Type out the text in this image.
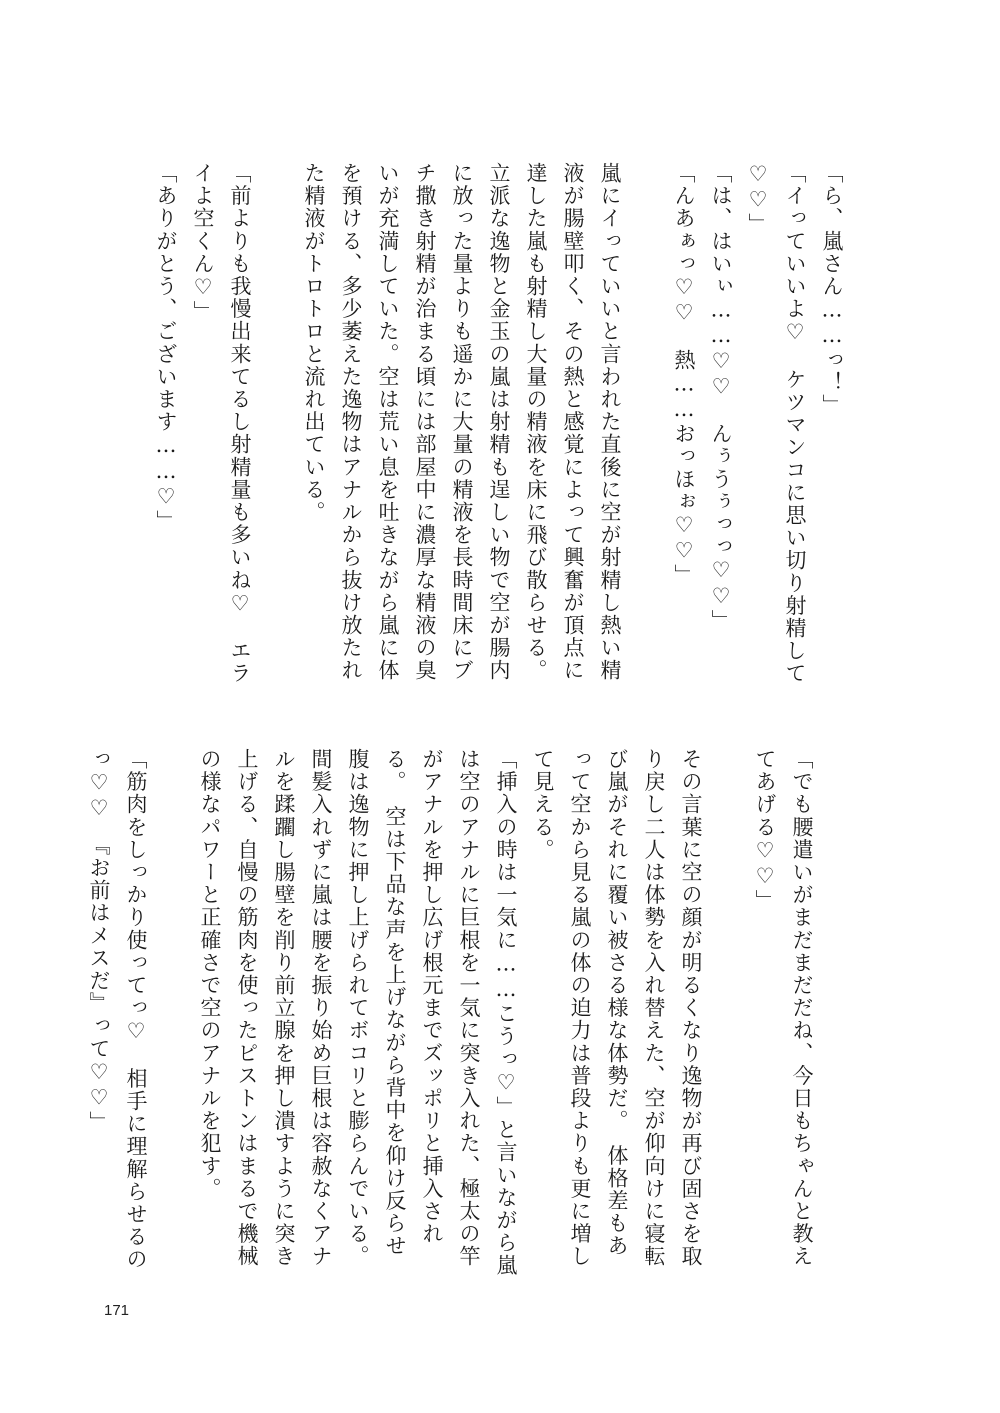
「ら、嵐さん……っ！」

「イっていいよ♡　ケツマンコに思い切り射精して♡♡」

「は、はいぃ……♡♡　んぅうぅっっ♡♡」

「んあぁっ♡♡　熱……おっほぉ♡♡」

嵐にイっていいと言われた直後に空が射精し熱い精液が腸壁叩く、その熱と感覚によって興奮が頂点に達した嵐も射精し大量の精液を床に飛び散らせる。立派な逸物と金玉の嵐は射精も逞しい物で空が腸内に放った量よりも遥かに大量の精液を長時間床にブチ撒き射精が治まる頃には部屋中に濃厚な精液の臭いが充満していた。空は荒い息を吐きながら嵐に体を預ける、多少萎えた逸物はアナルから抜け放たれた精液がトロトロと流れ出ている。

「前よりも我慢出来てるし射精量も多いね♡　エライよ空くん♡」

「ありがとう、ございます……♡」

「でも腰遣いがまだまだだね、今日もちゃんと教えてあげる♡♡」

その言葉に空の顔が明るくなり逸物が再び固さを取り戻し二人は体勢を入れ替えた、空が仰向けに寝転び嵐がそれに覆い被さる様な体勢だ。　体格差もあって空から見る嵐の体の迫力は普段よりも更に増して見える。

「挿入の時は一気に……こうっ♡」と言いながら嵐は空のアナルに巨根を一気に突き入れた、極太の竿がアナルを押し広げ根元までズッポリと挿入される。　空は下品な声を上げながら背中を仰け反らせ腹は逸物に押し上げられてボコリと膨らんでいる。間髪入れずに嵐は腰を振り始め巨根は容赦なくアナルを蹂躙し腸壁を削り前立腺を押し潰すように突き上げる、自慢の筋肉を使ったピストンはまるで機械の様なパワーと正確さで空のアナルを犯す。

「筋肉をしっかり使ってっ♡　相手に理解らせるのっ♡♡　『お前はメスだ』って♡♡」

171
